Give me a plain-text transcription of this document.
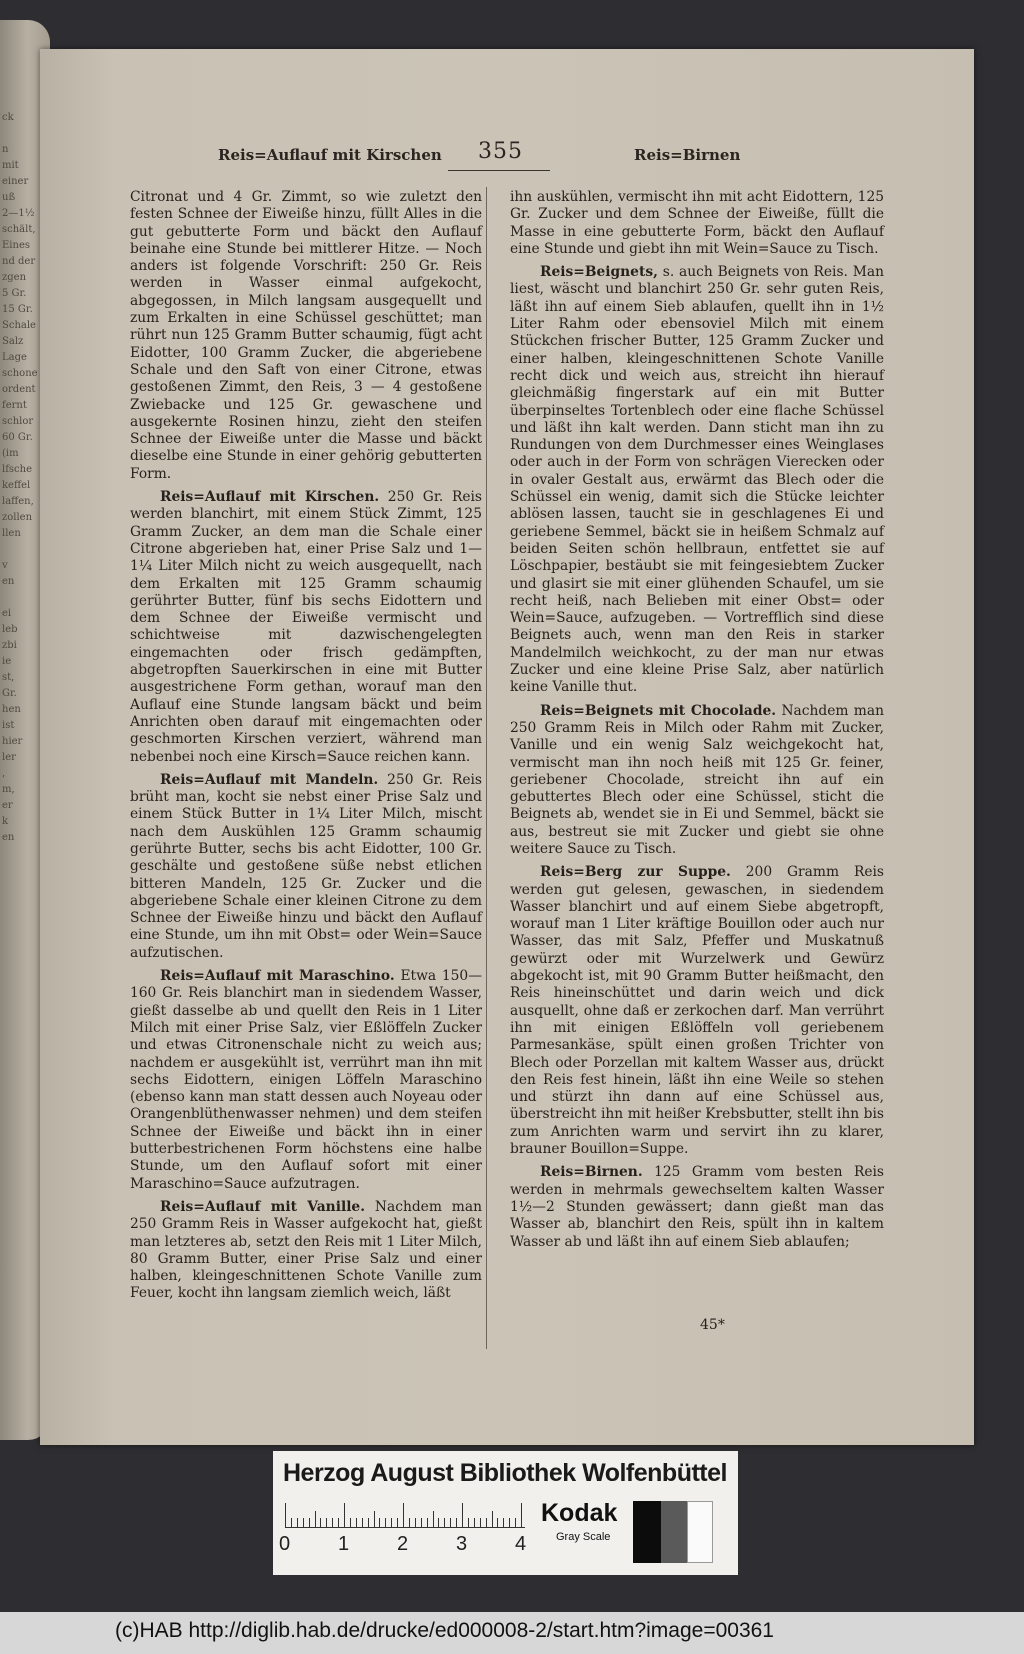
ck

n
mit
einer
uß
2—1½
schält,
Eines
nd der
zgen
5 Gr.
15 Gr.
Schale
Salz
Lage
schone
ordent
fernt
schlor
60 Gr.
(im
lfsche
keffel
laffen,
zollen
llen

v
en

ei
leb
zbi
ie
st,
Gr.
hen
ist
hier
ler
,
m,
er
k
en
Reis=Auflauf mit Kirschen 355	Reis=Birnen

Citronat und 4 Gr. Zimmt, so wie zuletzt den festen Schnee der Eiweiße hinzu, füllt Alles in die gut gebutterte Form und bäckt den Auflauf beinahe eine Stunde bei mittlerer Hitze. — Noch anders ist folgende Vorschrift: 250 Gr. Reis werden in Wasser einmal aufgekocht, abgegossen, in Milch langsam ausgequellt und zum Erkalten in eine Schüssel geschüttet; man rührt nun 125 Gramm Butter schaumig, fügt acht Eidotter, 100 Gramm Zucker, die abgeriebene Schale und den Saft von einer Citrone, etwas gestoßenen Zimmt, den Reis, 3 — 4 gestoßene Zwiebacke und 125 Gr. gewaschene und ausgekernte Rosinen hinzu, zieht den steifen Schnee der Eiweiße unter die Masse und bäckt dieselbe eine Stunde in einer gehörig gebutterten Form.

Reis=Auflauf mit Kirschen. 250 Gr. Reis werden blanchirt, mit einem Stück Zimmt, 125 Gramm Zucker, an dem man die Schale einer Citrone abgerieben hat, einer Prise Salz und 1—1¼ Liter Milch nicht zu weich ausgequellt, nach dem Erkalten mit 125 Gramm schaumig gerührter Butter, fünf bis sechs Eidottern und dem Schnee der Eiweiße vermischt und schichtweise mit dazwischengelegten eingemachten oder frisch gedämpften, abgetropften Sauerkirschen in eine mit Butter ausgestrichene Form gethan, worauf man den Auflauf eine Stunde langsam bäckt und beim Anrichten oben darauf mit eingemachten oder geschmorten Kirschen verziert, während man nebenbei noch eine Kirsch=Sauce reichen kann.

Reis=Auflauf mit Mandeln. 250 Gr. Reis brüht man, kocht sie nebst einer Prise Salz und einem Stück Butter in 1¼ Liter Milch, mischt nach dem Auskühlen 125 Gramm schaumig gerührte Butter, sechs bis acht Eidotter, 100 Gr. geschälte und gestoßene süße nebst etlichen bitteren Mandeln, 125 Gr. Zucker und die abgeriebene Schale einer kleinen Citrone zu dem Schnee der Eiweiße hinzu und bäckt den Auflauf eine Stunde, um ihn mit Obst= oder Wein=Sauce aufzutischen.

Reis=Auflauf mit Maraschino. Etwa 150—160 Gr. Reis blanchirt man in siedendem Wasser, gießt dasselbe ab und quellt den Reis in 1 Liter Milch mit einer Prise Salz, vier Eßlöffeln Zucker und etwas Citronenschale nicht zu weich aus; nachdem er ausgekühlt ist, verrührt man ihn mit sechs Eidottern, einigen Löffeln Maraschino (ebenso kann man statt dessen auch Noyeau oder Orangenblüthenwasser nehmen) und dem steifen Schnee der Eiweiße und bäckt ihn in einer butterbestrichenen Form höchstens eine halbe Stunde, um den Auflauf sofort mit einer Maraschino=Sauce aufzutragen.

Reis=Auflauf mit Vanille. Nachdem man 250 Gramm Reis in Wasser aufgekocht hat, gießt man letzteres ab, setzt den Reis mit 1 Liter Milch, 80 Gramm Butter, einer Prise Salz und einer halben, kleingeschnittenen Schote Vanille zum Feuer, kocht ihn langsam ziemlich weich, läßt

ihn auskühlen, vermischt ihn mit acht Eidottern, 125 Gr. Zucker und dem Schnee der Eiweiße, füllt die Masse in eine gebutterte Form, bäckt den Auflauf eine Stunde und giebt ihn mit Wein=Sauce zu Tisch.

Reis=Beignets, s. auch Beignets von Reis. Man liest, wäscht und blanchirt 250 Gr. sehr guten Reis, läßt ihn auf einem Sieb ablaufen, quellt ihn in 1½ Liter Rahm oder ebensoviel Milch mit einem Stückchen frischer Butter, 125 Gramm Zucker und einer halben, kleingeschnittenen Schote Vanille recht dick und weich aus, streicht ihn hierauf gleichmäßig fingerstark auf ein mit Butter überpinseltes Tortenblech oder eine flache Schüssel und läßt ihn kalt werden. Dann sticht man ihn zu Rundungen von dem Durchmesser eines Weinglases oder auch in der Form von schrägen Vierecken oder in ovaler Gestalt aus, erwärmt das Blech oder die Schüssel ein wenig, damit sich die Stücke leichter ablösen lassen, taucht sie in geschlagenes Ei und geriebene Semmel, bäckt sie in heißem Schmalz auf beiden Seiten schön hellbraun, entfettet sie auf Löschpapier, bestäubt sie mit feingesiebtem Zucker und glasirt sie mit einer glühenden Schaufel, um sie recht heiß, nach Belieben mit einer Obst= oder Wein=Sauce, aufzugeben. — Vortrefflich sind diese Beignets auch, wenn man den Reis in starker Mandelmilch weichkocht, zu der man nur etwas Zucker und eine kleine Prise Salz, aber natürlich keine Vanille thut.

Reis=Beignets mit Chocolade. Nachdem man 250 Gramm Reis in Milch oder Rahm mit Zucker, Vanille und ein wenig Salz weichgekocht hat, vermischt man ihn noch heiß mit 125 Gr. feiner, geriebener Chocolade, streicht ihn auf ein gebuttertes Blech oder eine Schüssel, sticht die Beignets ab, wendet sie in Ei und Semmel, bäckt sie aus, bestreut sie mit Zucker und giebt sie ohne weitere Sauce zu Tisch.

Reis=Berg zur Suppe. 200 Gramm Reis werden gut gelesen, gewaschen, in siedendem Wasser blanchirt und auf einem Siebe abgetropft, worauf man 1 Liter kräftige Bouillon oder auch nur Wasser, das mit Salz, Pfeffer und Muskatnuß gewürzt oder mit Wurzelwerk und Gewürz abgekocht ist, mit 90 Gramm Butter heißmacht, den Reis hineinschüttet und darin weich und dick ausquellt, ohne daß er zerkochen darf. Man verrührt ihn mit einigen Eßlöffeln voll geriebenem Parmesankäse, spült einen großen Trichter von Blech oder Porzellan mit kaltem Wasser aus, drückt den Reis fest hinein, läßt ihn eine Weile so stehen und stürzt ihn dann auf eine Schüssel aus, überstreicht ihn mit heißer Krebsbutter, stellt ihn bis zum Anrichten warm und servirt ihn zu klarer, brauner Bouillon=Suppe.

Reis=Birnen. 125 Gramm vom besten Reis werden in mehrmals gewechseltem kalten Wasser 1½—2 Stunden gewässert; dann gießt man das Wasser ab, blanchirt den Reis, spült ihn in kaltem Wasser ab und läßt ihn auf einem Sieb ablaufen;

45*
Herzog August Bibliothek Wolfenbüttel
Kodak
Gray Scale
0 1 2 3 4
(c)HAB http://diglib.hab.de/drucke/ed000008-2/start.htm?image=00361
